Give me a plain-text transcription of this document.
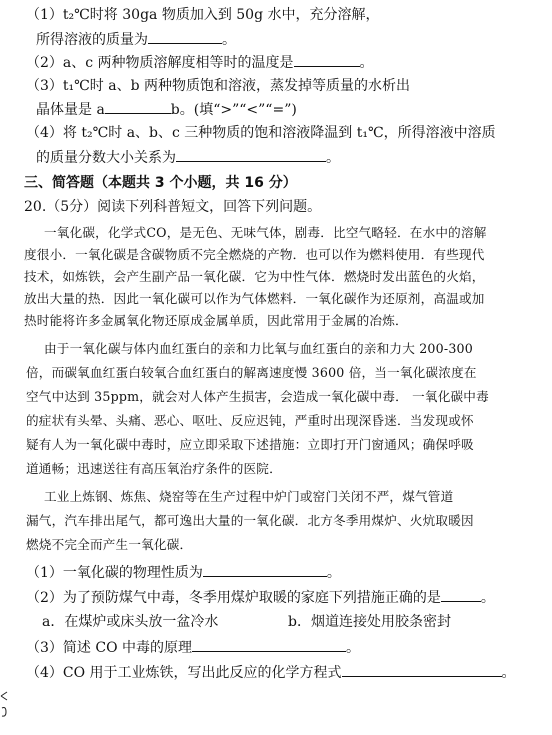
（1）t₂℃时将 30ga 物质加入到 50g 水中，充分溶解，
所得溶液的质量为	。
（2）a、c 两种物质溶解度相等时的温度是	。
（3）t₁℃时 a、b 两种物质饱和溶液，蒸发掉等质量的水析出
晶体量是 a	b。(填“>”“<”“=”)
（4）将 t₂℃时 a、b、c 三种物质的饱和溶液降温到 t₁℃，所得溶液中溶质
的质量分数大小关系为	。
三、简答题（本题共 3 个小题，共 16 分）
20.（5分）阅读下列科普短文，回答下列问题。
一氧化碳，化学式CO，是无色、无味气体，剧毒．比空气略轻．在水中的溶解
度很小．一氧化碳是含碳物质不完全燃烧的产物．也可以作为燃料使用．有些现代
技术，如炼铁，会产生副产品一氧化碳．它为中性气体．燃烧时发出蓝色的火焰，
放出大量的热．因此一氧化碳可以作为气体燃料．一氧化碳作为还原剂，高温或加
热时能将许多金属氧化物还原成金属单质，因此常用于金属的冶炼．
由于一氧化碳与体内血红蛋白的亲和力比氧与血红蛋白的亲和力大 200-300
倍，而碳氧血红蛋白较氧合血红蛋白的解离速度慢 3600 倍，当一氧化碳浓度在
空气中达到 35ppm，就会对人体产生损害，会造成一氧化碳中毒． 一氧化碳中毒
的症状有头晕、头痛、恶心、呕吐、反应迟钝，严重时出现深昏迷．当发现或怀
疑有人为一氧化碳中毒时，应立即采取下述措施：立即打开门窗通风；确保呼吸
道通畅；迅速送往有高压氧治疗条件的医院．
工业上炼钢、炼焦、烧窑等在生产过程中炉门或窑门关闭不严，煤气管道
漏气，汽车排出尾气，都可逸出大量的一氧化碳．北方冬季用煤炉、火炕取暖因
燃烧不完全而产生一氧化碳．
（1）一氧化碳的物理性质为	。
（2）为了预防煤气中毒，冬季用煤炉取暖的家庭下列措施正确的是	。
a．在煤炉或床头放一盆冷水	b．烟道连接处用胶条密封
（3）简述 CO 中毒的原理	。
（4）CO 用于工业炼铁，写出此反应的化学方程式	。
